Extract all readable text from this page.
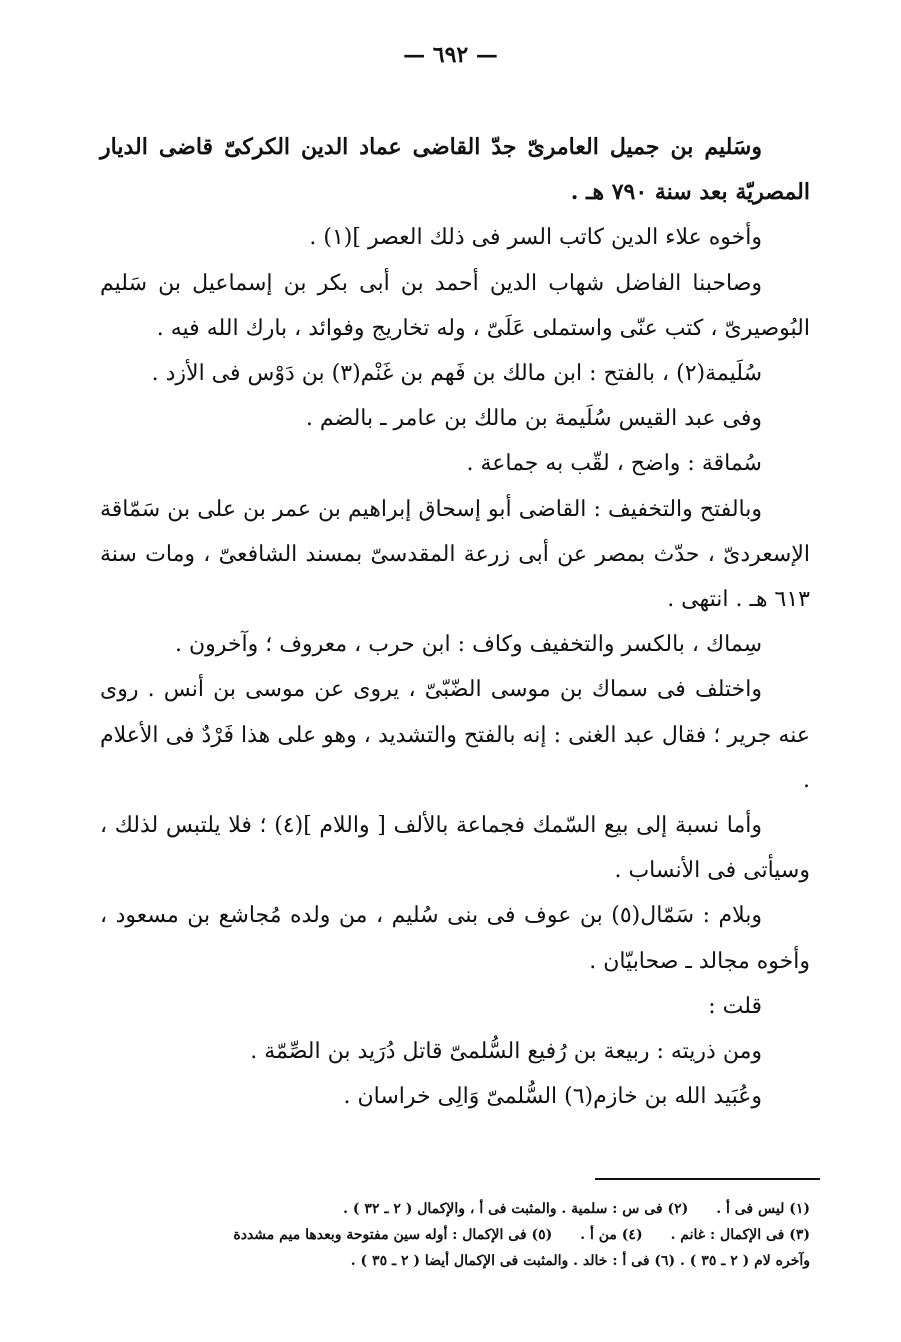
— ٦٩٢ —

وسَليم بن جميل العامرىّ جدّ القاضى عماد الدين الكركىّ قاضى الديار المصريّة بعد سنة ٧٩٠ هـ .

وأخوه علاء الدين كاتب السر فى ذلك العصر ](١) .

وصاحبنا الفاضل شهاب الدين أحمد بن أبى بكر بن إسماعيل بن سَليم البُوصيرىّ ، كتب عنّى واستملى عَلَىّ ، وله تخاريج وفوائد ، بارك الله فيه .

سُلَيمة(٢) ، بالفتح : ابن مالك بن فَهم بن غَنْم(٣) بن دَوْس فى الأزد .

وفى عبد القيس سُلَيمة بن مالك بن عامر ـ بالضم .

سُماقة : واضح ، لقّب به جماعة .

وبالفتح والتخفيف : القاضى أبو إسحاق إبراهيم بن عمر بن على بن سَمّاقة الإسعردىّ ، حدّث بمصر عن أبى زرعة المقدسىّ بمسند الشافعىّ ، ومات سنة ٦١٣ هـ . انتهى .

سِماك ، بالكسر والتخفيف وكاف : ابن حرب ، معروف ؛ وآخرون .

واختلف فى سماك بن موسى الضّبّىّ ، يروى عن موسى بن أنس . روى عنه جرير ؛ فقال عبد الغنى : إنه بالفتح والتشديد ، وهو على هذا فَرْدٌ فى الأعلام .

وأما نسبة إلى بيع السّمك فجماعة بالألف [ واللام ](٤) ؛ فلا يلتبس لذلك ، وسيأتى فى الأنساب .

وبلام : سَمّال(٥) بن عوف فى بنى سُليم ، من ولده مُجاشع بن مسعود ، وأخوه مجالد ـ صحابيّان .

قلت :

ومن ذريته : ربيعة بن رُفيع السُّلمىّ قاتل دُرَيد بن الصِّمّة .

وعُبَيد الله بن خازم(٦) السُّلمىّ وَالِى خراسان .

(١) ليس فى أ .
(٢) فى س : سلمية . والمثبت فى أ ، والإكمال ( ٢ ـ ٣٢ ) .
(٣) فى الإكمال : غانم .
(٤) من أ .
(٥) فى الإكمال : أوله سين مفتوحة وبعدها ميم مشددة
وآخره لام ( ٢ ـ ٣٥ ) . (٦) فى أ : خالد . والمثبت فى الإكمال أيضا ( ٢ ـ ٣٥ ) .
